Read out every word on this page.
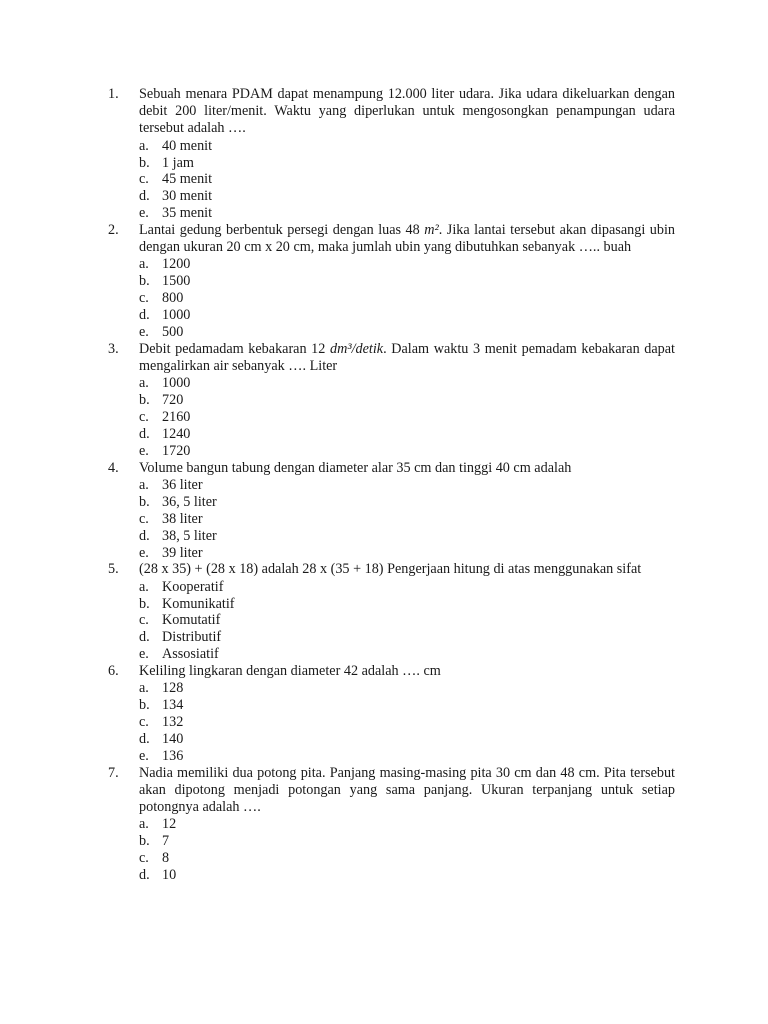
1.	Sebuah menara PDAM dapat menampung 12.000 liter udara. Jika udara dikeluarkan dengan debit 200 liter/menit. Waktu yang diperlukan untuk mengosongkan penampungan udara tersebut adalah ….
a. 40 menit
b. 1 jam
c. 45 menit
d. 30 menit
e. 35 menit
2.	Lantai gedung berbentuk persegi dengan luas 48 m². Jika lantai tersebut akan dipasangi ubin dengan ukuran 20 cm x 20 cm, maka jumlah ubin yang dibutuhkan sebanyak ….. buah
a. 1200
b. 1500
c. 800
d. 1000
e. 500
3.	Debit pedamadam kebakaran 12 dm³/detik. Dalam waktu 3 menit pemadam kebakaran dapat mengalirkan air sebanyak …. Liter
a. 1000
b. 720
c. 2160
d. 1240
e. 1720
4.	Volume bangun tabung dengan diameter alar 35 cm dan tinggi 40 cm adalah
a. 36 liter
b. 36, 5 liter
c. 38 liter
d. 38, 5 liter
e. 39 liter
5.	(28 x 35) + (28 x 18) adalah 28 x (35 + 18) Pengerjaan hitung di atas menggunakan sifat
a. Kooperatif
b. Komunikatif
c. Komutatif
d. Distributif
e. Assosiatif
6.	Keliling lingkaran dengan diameter 42 adalah …. cm
a. 128
b. 134
c. 132
d. 140
e. 136
7.	Nadia memiliki dua potong pita. Panjang masing-masing pita 30 cm dan 48 cm. Pita tersebut akan dipotong menjadi potongan yang sama panjang. Ukuran terpanjang untuk setiap potongnya adalah ….
a. 12
b. 7
c. 8
d. 10
